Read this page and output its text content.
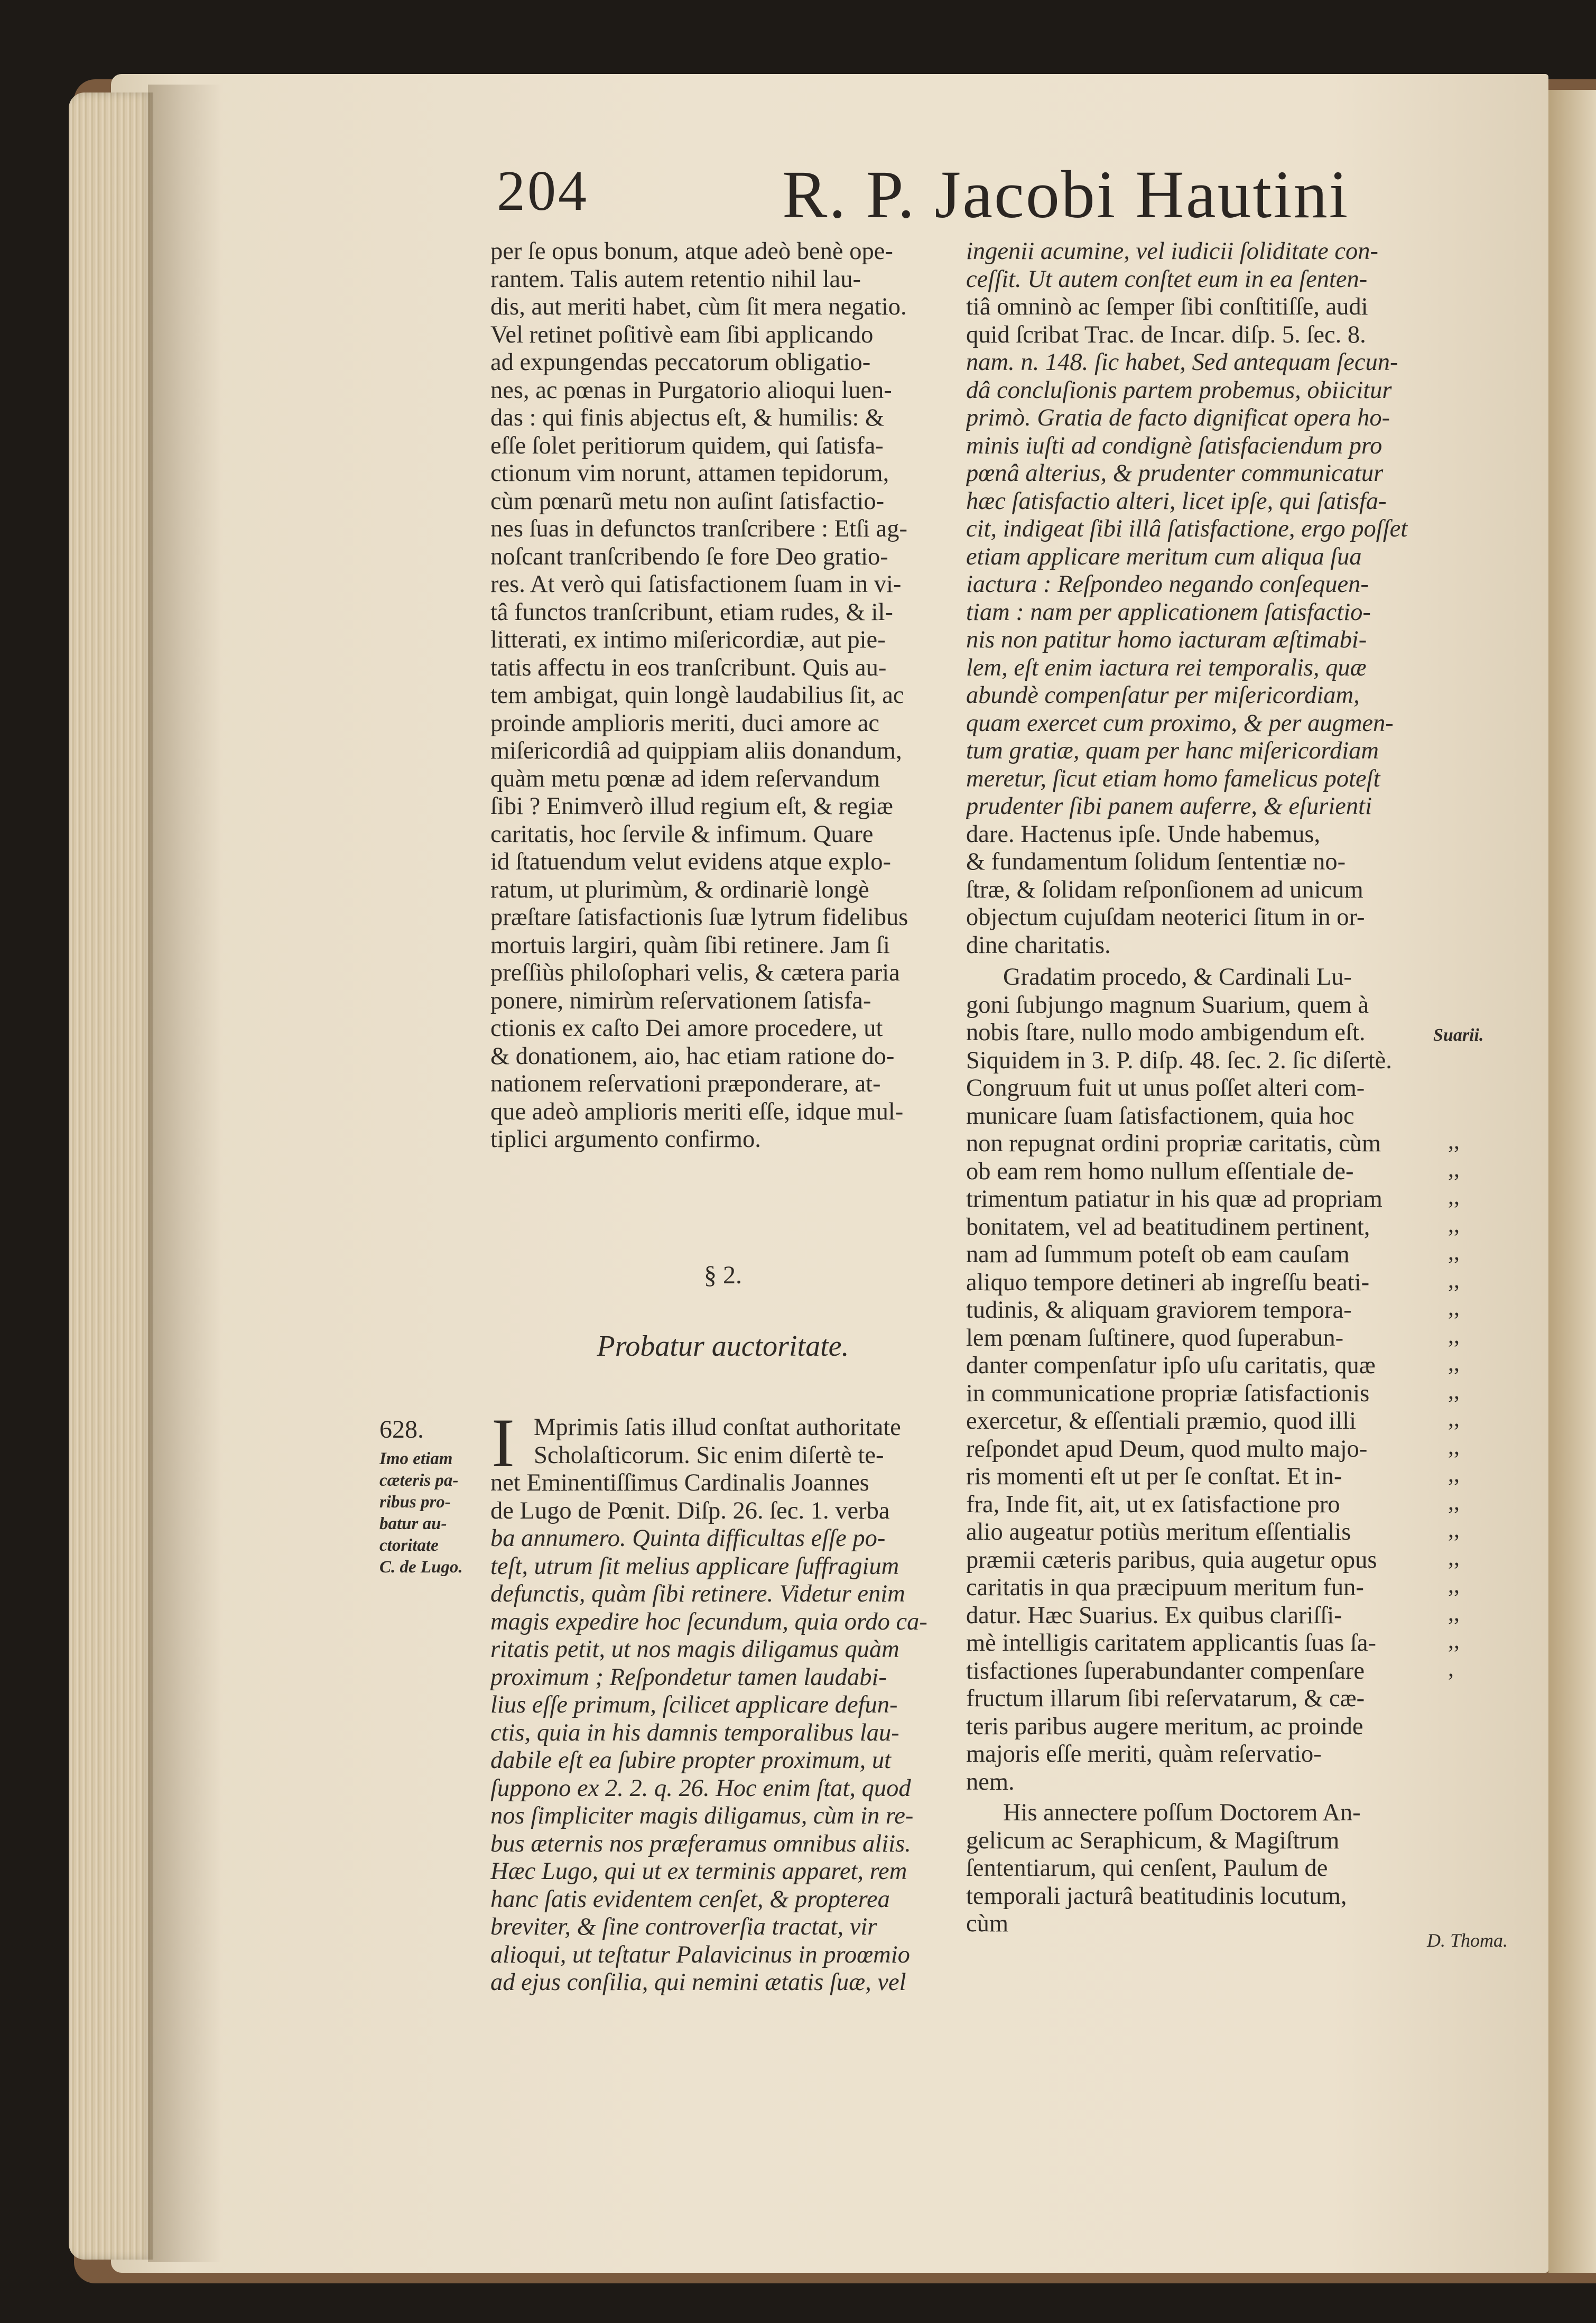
204	R. P. Jacobi Hautini
per ſe opus bonum, atque adeò benè ope-
rantem. Talis autem retentio nihil lau-
dis, aut meriti habet, cùm ſit mera negatio.
Vel retinet poſitivè eam ſibi applicando
ad expungendas peccatorum obligatio-
nes, ac pœnas in Purgatorio alioqui luen-
das : qui finis abjectus eſt, & humilis: &
eſſe ſolet peritiorum quidem, qui ſatisfa-
ctionum vim norunt, attamen tepidorum,
cùm pœnarũ metu non auſint ſatisfactio-
nes ſuas in defunctos tranſcribere : Etſi ag-
noſcant tranſcribendo ſe fore Deo gratio-
res. At verò qui ſatisfactionem ſuam in vi-
tâ functos tranſcribunt, etiam rudes, & il-
litterati, ex intimo miſericordiæ, aut pie-
tatis affectu in eos tranſcribunt. Quis au-
tem ambigat, quin longè laudabilius ſit, ac
proinde amplioris meriti, duci amore ac
miſericordiâ ad quippiam aliis donandum,
quàm metu pœnæ ad idem reſervandum
ſibi ? Enimverò illud regium eſt, & regiæ
caritatis, hoc ſervile & infimum. Quare
id ſtatuendum velut evidens atque explo-
ratum, ut plurimùm, & ordinariè longè
præſtare ſatisfactionis ſuæ lytrum fidelibus
mortuis largiri, quàm ſibi retinere. Jam ſi
preſſiùs philoſophari velis, & cætera paria
ponere, nimirùm reſervationem ſatisfa-
ctionis ex caſto Dei amore procedere, ut
& donationem, aio, hac etiam ratione do-
nationem reſervationi præponderare, at-
que adeò amplioris meriti eſſe, idque mul-
tiplici argumento confirmo.
§ 2.
Probatur auctoritate.
628.
Imo etiam
cæteris pa-
ribus pro-
batur au-
ctoritate
C. de Lugo.
Suarii.
D. Thoma.
I Mprimis ſatis illud conſtat authoritate
Scholaſticorum. Sic enim diſertè te-
net Eminentiſſimus Cardinalis Joannes
de Lugo de Pœnit. Diſp. 26. ſec. 1. verba
ba annumero. Quinta difficultas eſſe po-
teſt, utrum ſit melius applicare ſuffragium
defunctis, quàm ſibi retinere. Videtur enim
magis expedire hoc ſecundum, quia ordo ca-
ritatis petit, ut nos magis diligamus quàm
proximum ; Reſpondetur tamen laudabi-
lius eſſe primum, ſcilicet applicare defun-
ctis, quia in his damnis temporalibus lau-
dabile eſt ea ſubire propter proximum, ut
ſuppono ex 2. 2. q. 26. Hoc enim ſtat, quod
nos ſimpliciter magis diligamus, cùm in re-
bus æternis nos præferamus omnibus aliis.
Hæc Lugo, qui ut ex terminis apparet, rem
hanc ſatis evidentem cenſet, & propterea
breviter, & ſine controverſia tractat, vir
alioqui, ut teſtatur Palavicinus in proœmio
ad ejus conſilia, qui nemini ætatis ſuæ, vel
ingenii acumine, vel iudicii ſoliditate con-
ceſſit. Ut autem conſtet eum in ea ſenten-
tiâ omninò ac ſemper ſibi conſtitiſſe, audi
quid ſcribat Trac. de Incar. diſp. 5. ſec. 8.
nam. n. 148. ſic habet, Sed antequam ſecun-
dâ concluſionis partem probemus, obiicitur
primò. Gratia de facto dignificat opera ho-
minis iuſti ad condignè ſatisfaciendum pro
pœnâ alterius, & prudenter communicatur
hæc ſatisfactio alteri, licet ipſe, qui ſatisfa-
cit, indigeat ſibi illâ ſatisfactione, ergo poſſet
etiam applicare meritum cum aliqua ſua
iactura : Reſpondeo negando conſequen-
tiam : nam per applicationem ſatisfactio-
nis non patitur homo iacturam æſtimabi-
lem, eſt enim iactura rei temporalis, quæ
abundè compenſatur per miſericordiam,
quam exercet cum proximo, & per augmen-
tum gratiæ, quam per hanc miſericordiam
meretur, ſicut etiam homo famelicus poteſt
prudenter ſibi panem auferre, & eſurienti
dare. Hactenus ipſe. Unde habemus,
& fundamentum ſolidum ſententiæ no-
ſtræ, & ſolidam reſponſionem ad unicum
objectum cujuſdam neoterici ſitum in or-
dine charitatis.
Gradatim procedo, & Cardinali Lu-
goni ſubjungo magnum Suarium, quem à
nobis ſtare, nullo modo ambigendum eſt.
Siquidem in 3. P. diſp. 48. ſec. 2. ſic diſertè.
Congruum fuit ut unus poſſet alteri com-
municare ſuam ſatisfactionem, quia hoc
non repugnat ordini propriæ caritatis, cùm
ob eam rem homo nullum eſſentiale de-
trimentum patiatur in his quæ ad propriam
bonitatem, vel ad beatitudinem pertinent,
nam ad ſummum poteſt ob eam cauſam
aliquo tempore detineri ab ingreſſu beati-
tudinis, & aliquam graviorem tempora-
lem pœnam ſuſtinere, quod ſuperabun-
danter compenſatur ipſo uſu caritatis, quæ
in communicatione propriæ ſatisfactionis
exercetur, & eſſentiali præmio, quod illi
reſpondet apud Deum, quod multo majo-
ris momenti eſt ut per ſe conſtat. Et in-
fra, Inde fit, ait, ut ex ſatisfactione pro
alio augeatur potiùs meritum eſſentialis
præmii cæteris paribus, quia augetur opus
caritatis in qua præcipuum meritum fun-
datur. Hæc Suarius. Ex quibus clariſſi-
mè intelligis caritatem applicantis ſuas ſa-
tisfactiones ſuperabundanter compenſare
fructum illarum ſibi reſervatarum, & cæ-
teris paribus augere meritum, ac proinde
majoris eſſe meriti, quàm reſervatio-
nem.
His annectere poſſum Doctorem An-
gelicum ac Seraphicum, & Magiſtrum
ſententiarum, qui cenſent, Paulum de
temporali jacturâ beatitudinis locutum,
cùm
,,
,,
,,
,,
,,
,,
,,
,,
,,
,,
,,
,,
,,
,,
,,
,,
,,
,,
,,
,
